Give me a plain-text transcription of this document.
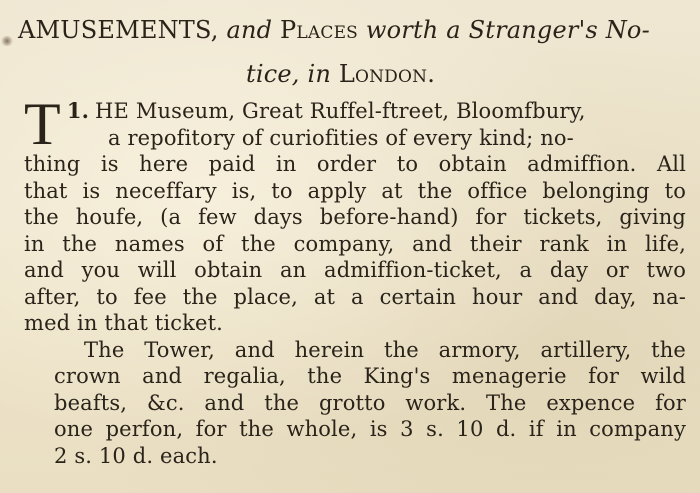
AMUSEMENTS, and Places worth a Stranger's No-
tice, in London.
1.
T HE Museum, Great Ruffel-ftreet, Bloomfbury,
a repofitory of curiofities of every kind; no-
thing is here paid in order to obtain admiffion. All
that is neceffary is, to apply at the office belonging to
the houfe, (a few days before-hand) for tickets, giving
in the names of the company, and their rank in life,
and you will obtain an admiffion-ticket, a day or two
after, to fee the place, at a certain hour and day, na-
med in that ticket.
The Tower, and herein the armory, artillery, the
crown and regalia, the King's menagerie for wild
beafts, &c. and the grotto work. The expence for
one perfon, for the whole, is 3 s. 10 d. if in company
2 s. 10 d. each.
